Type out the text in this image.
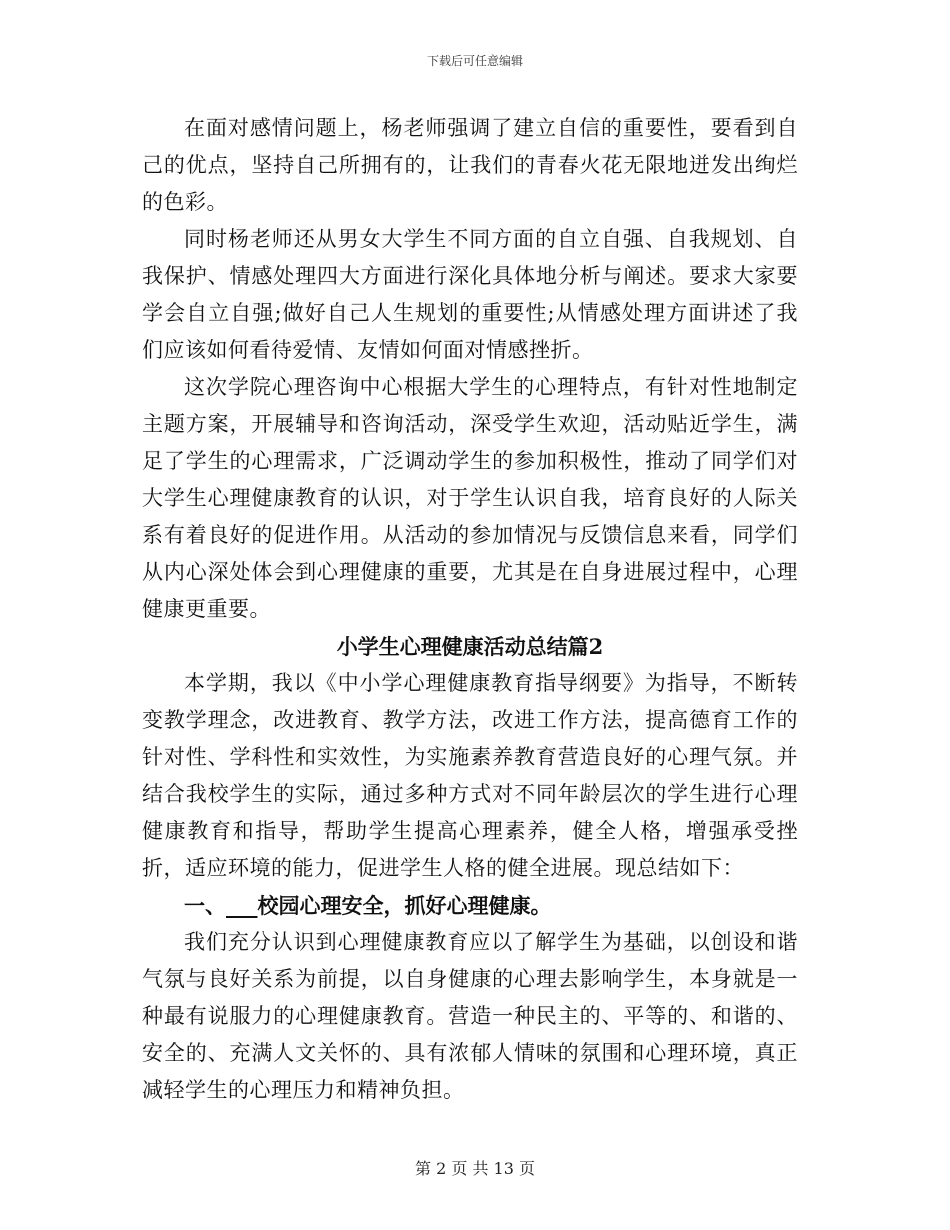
下载后可任意编辑

在面对感情问题上，杨老师强调了建立自信的重要性，要看到自己的优点，坚持自己所拥有的，让我们的青春火花无限地迸发出绚烂的色彩。

同时杨老师还从男女大学生不同方面的自立自强、自我规划、自我保护、情感处理四大方面进行深化具体地分析与阐述。要求大家要学会自立自强;做好自己人生规划的重要性;从情感处理方面讲述了我们应该如何看待爱情、友情如何面对情感挫折。

这次学院心理咨询中心根据大学生的心理特点，有针对性地制定主题方案，开展辅导和咨询活动，深受学生欢迎，活动贴近学生，满足了学生的心理需求，广泛调动学生的参加积极性，推动了同学们对大学生心理健康教育的认识，对于学生认识自我，培育良好的人际关系有着良好的促进作用。从活动的参加情况与反馈信息来看，同学们从内心深处体会到心理健康的重要，尤其是在自身进展过程中，心理健康更重要。

小学生心理健康活动总结篇2

本学期，我以《中小学心理健康教育指导纲要》为指导，不断转变教学理念，改进教育、教学方法，改进工作方法，提高德育工作的针对性、学科性和实效性，为实施素养教育营造良好的心理气氛。并结合我校学生的实际，通过多种方式对不同年龄层次的学生进行心理健康教育和指导，帮助学生提高心理素养，健全人格，增强承受挫折，适应环境的能力，促进学生人格的健全进展。现总结如下：

一、___校园心理安全，抓好心理健康。

我们充分认识到心理健康教育应以了解学生为基础，以创设和谐气氛与良好关系为前提，以自身健康的心理去影响学生，本身就是一种最有说服力的心理健康教育。营造一种民主的、平等的、和谐的、安全的、充满人文关怀的、具有浓郁人情味的氛围和心理环境，真正减轻学生的心理压力和精神负担。

第 2 页 共 13 页
